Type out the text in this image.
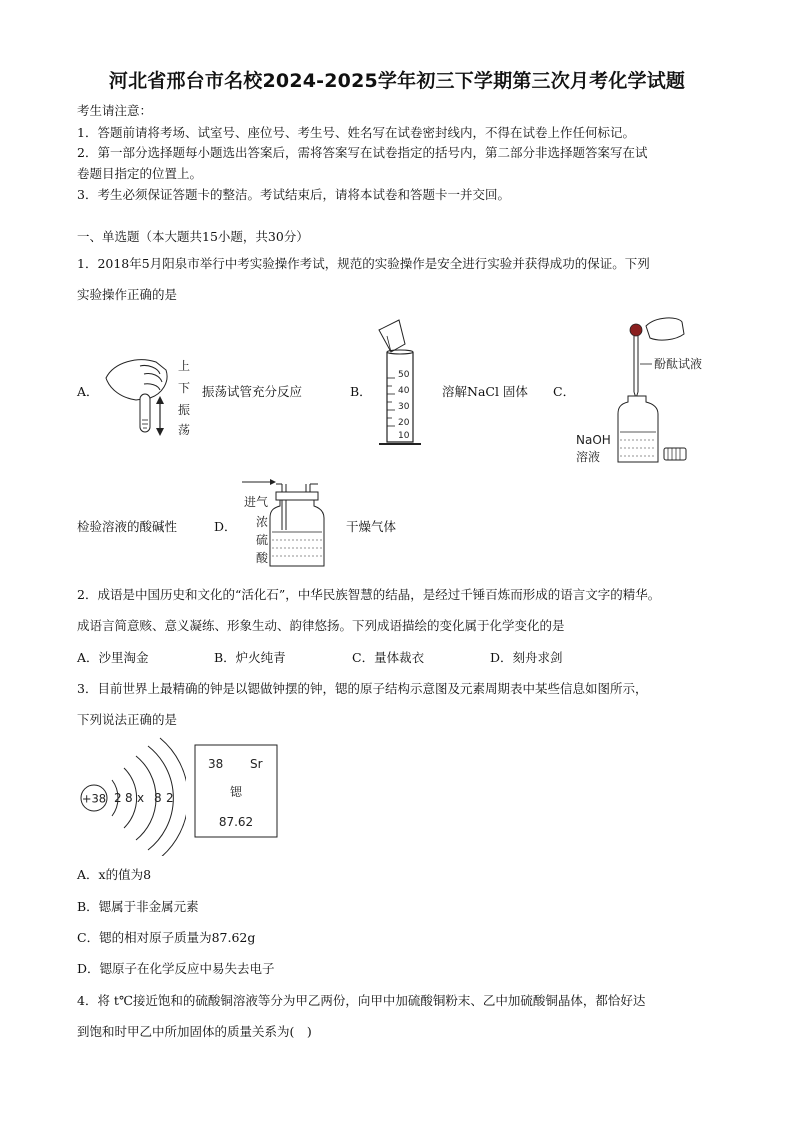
河北省邢台市名校2024-2025学年初三下学期第三次月考化学试题
考生请注意：
1．答题前请将考场、试室号、座位号、考生号、姓名写在试卷密封线内，不得在试卷上作任何标记。
2．第一部分选择题每小题选出答案后，需将答案写在试卷指定的括号内，第二部分非选择题答案写在试
卷题目指定的位置上。
3．考生必须保证答题卡的整洁。考试结束后，请将本试卷和答题卡一并交回。
一、单选题（本大题共15小题，共30分）
1．2018年5月阳泉市举行中考实验操作考试，规范的实验操作是安全进行实验并获得成功的保证。下列
实验操作正确的是
A．
上
下
振
荡
振荡试管充分反应	B．
50
40
30
20
10
溶解NaCl 固体 C．
酚酞试液
NaOH
溶液
检验溶液的酸碱性	D．
进气
浓
硫
酸
干燥气体
2．成语是中国历史和文化的“活化石”，中华民族智慧的结晶，是经过千锤百炼而形成的语言文字的精华。
成语言简意赅、意义凝练、形象生动、韵律悠扬。下列成语描绘的变化属于化学变化的是
A．沙里淘金	B．炉火纯青	C．量体裁衣	D．刻舟求剑
3．目前世界上最精确的钟是以锶做钟摆的钟，锶的原子结构示意图及元素周期表中某些信息如图所示，
下列说法正确的是
+38 2 8 x 8 2
38 Sr
锶
87.62
A．x的值为8
B．锶属于非金属元素
C．锶的相对原子质量为87.62g
D．锶原子在化学反应中易失去电子
4．将 t℃接近饱和的硫酸铜溶液等分为甲乙两份，向甲中加硫酸铜粉末、乙中加硫酸铜晶体，都恰好达
到饱和时甲乙中所加固体的质量关系为(　)
